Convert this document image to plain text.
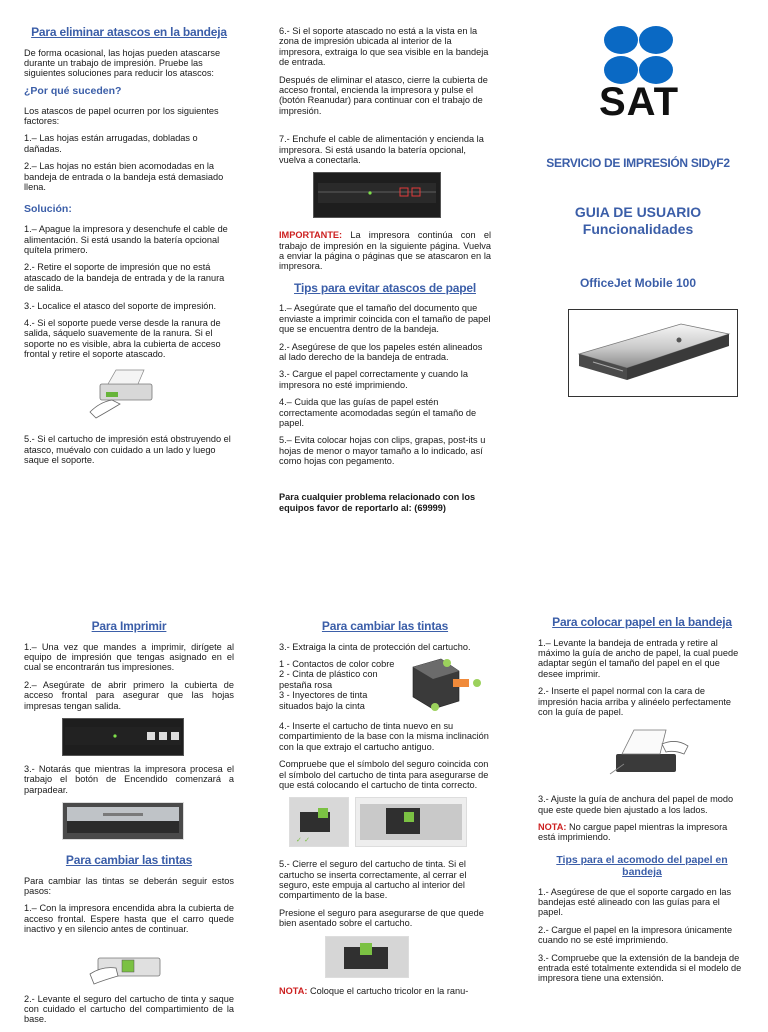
Para eliminar atascos en la bandeja

De forma ocasional, las hojas pueden atascarse durante un trabajo de impresión. Pruebe las siguientes soluciones para reducir los atascos:

¿Por qué suceden?

Los atascos de papel ocurren por los siguientes factores:

1.– Las hojas están arrugadas, dobladas o dañadas.

2.– Las hojas no están bien acomodadas en la bandeja de entrada o la bandeja está demasiado llena.

Solución:

1.– Apague la impresora y desenchufe el cable de alimentación. Si está usando la batería opcional quítela primero.

2.- Retire el soporte de impresión que no está atascado de la bandeja de entrada y de la ranura de salida.

3.- Localice el atasco del soporte de impresión.

4.- Si el soporte puede verse desde la ranura de salida, sáquelo suavemente de la ranura. Si el soporte no es visible, abra la cubierta de acceso frontal y retire el soporte atascado.

5.- Si el cartucho de impresión está obstruyendo el atasco, muévalo con cuidado a un lado y luego saque el soporte.

6.- Si el soporte atascado no está a la vista en la zona de impresión ubicada al interior de la impresora, extraiga lo que sea visible en la bandeja de entrada.

Después de eliminar el atasco, cierre la cubierta de acceso frontal, encienda la impresora y pulse el (botón Reanudar) para continuar con el trabajo de impresión.

7.- Enchufe el cable de alimentación y encienda la impresora. Si está usando la batería opcional, vuelva a conectarla.

IMPORTANTE: La impresora continúa con el trabajo de impresión en la siguiente página. Vuelva a enviar la página o páginas que se atascaron en la impresora.

Tips para evitar atascos de papel

1.– Asegúrate que el tamaño del documento que enviaste a imprimir coincida con el tamaño de papel que se encuentra dentro de la bandeja.

2.- Asegúrese de que los papeles estén alineados al lado derecho de la bandeja de entrada.

3.- Cargue el papel correctamente y cuando la impresora no esté imprimiendo.

4.– Cuida que las guías de papel estén correctamente acomodadas según el tamaño de papel.

5.– Evita colocar hojas con clips, grapas, post-its u hojas de menor o mayor tamaño a lo indicado, así como hojas con pegamento.

Para cualquier problema relacionado con los equipos favor de reportarlo al: (69999)

SAT
SERVICIO DE IMPRESIÓN SIDyF2
GUIA DE USUARIO
Funcionalidades
OfficeJet Mobile 100
Para Imprimir

1.– Una vez que mandes a imprimir, dirígete al equipo de impresión que tengas asignado en el cual se encontrarán tus impresiones.

2.– Asegúrate de abrir primero la cubierta de acceso frontal para asegurar que las hojas impresas tengan salida.

3.- Notarás que mientras la impresora procesa el trabajo el botón de Encendido comenzará a parpadear.

Para cambiar las tintas

Para cambiar las tintas se deberán seguir estos pasos:

1.– Con la impresora encendida abra la cubierta de acceso frontal. Espere hasta que el carro quede inactivo y en silencio antes de continuar.

2.- Levante el seguro del cartucho de tinta y saque con cuidado el cartucho del compartimiento de la base.

Para cambiar las tintas

3.- Extraiga la cinta de protección del cartucho.

1 - Contactos de color cobre
2 - Cinta de plástico con pestaña rosa
3 - Inyectores de tinta situados bajo la cinta

4.- Inserte el cartucho de tinta nuevo en su compartimiento de la base con la misma inclinación con la que extrajo el cartucho antiguo.

Compruebe que el símbolo del seguro coincida con el símbolo del cartucho de tinta para asegurarse de que está colocando el cartucho de tinta correcto.

✓ ✓

5.- Cierre el seguro del cartucho de tinta. Si el cartucho se inserta correctamente, al cerrar el seguro, este empuja al cartucho al interior del compartimento de la base.

Presione el seguro para asegurarse de que quede bien asentado sobre el cartucho.

NOTA: Coloque el cartucho tricolor en la ranu-

Para colocar papel en la bandeja

1.– Levante la bandeja de entrada y retire al máximo la guía de ancho de papel, la cual puede adaptar según el tamaño del papel en el que desee imprimir.

2.- Inserte el papel normal con la cara de impresión hacia arriba y alinéelo perfectamente con la guía de papel.

3.- Ajuste la guía de anchura del papel de modo que este quede bien ajustado a los lados.

NOTA: No cargue papel mientras la impresora está imprimiendo.

Tips para el acomodo del papel en bandeja

1.- Asegúrese de que el soporte cargado en las bandejas esté alineado con las guías para el papel.

2.- Cargue el papel en la impresora únicamente cuando no se esté imprimiendo.

3.- Compruebe que la extensión de la bandeja de entrada esté totalmente extendida si el modelo de impresora tiene una extensión.
